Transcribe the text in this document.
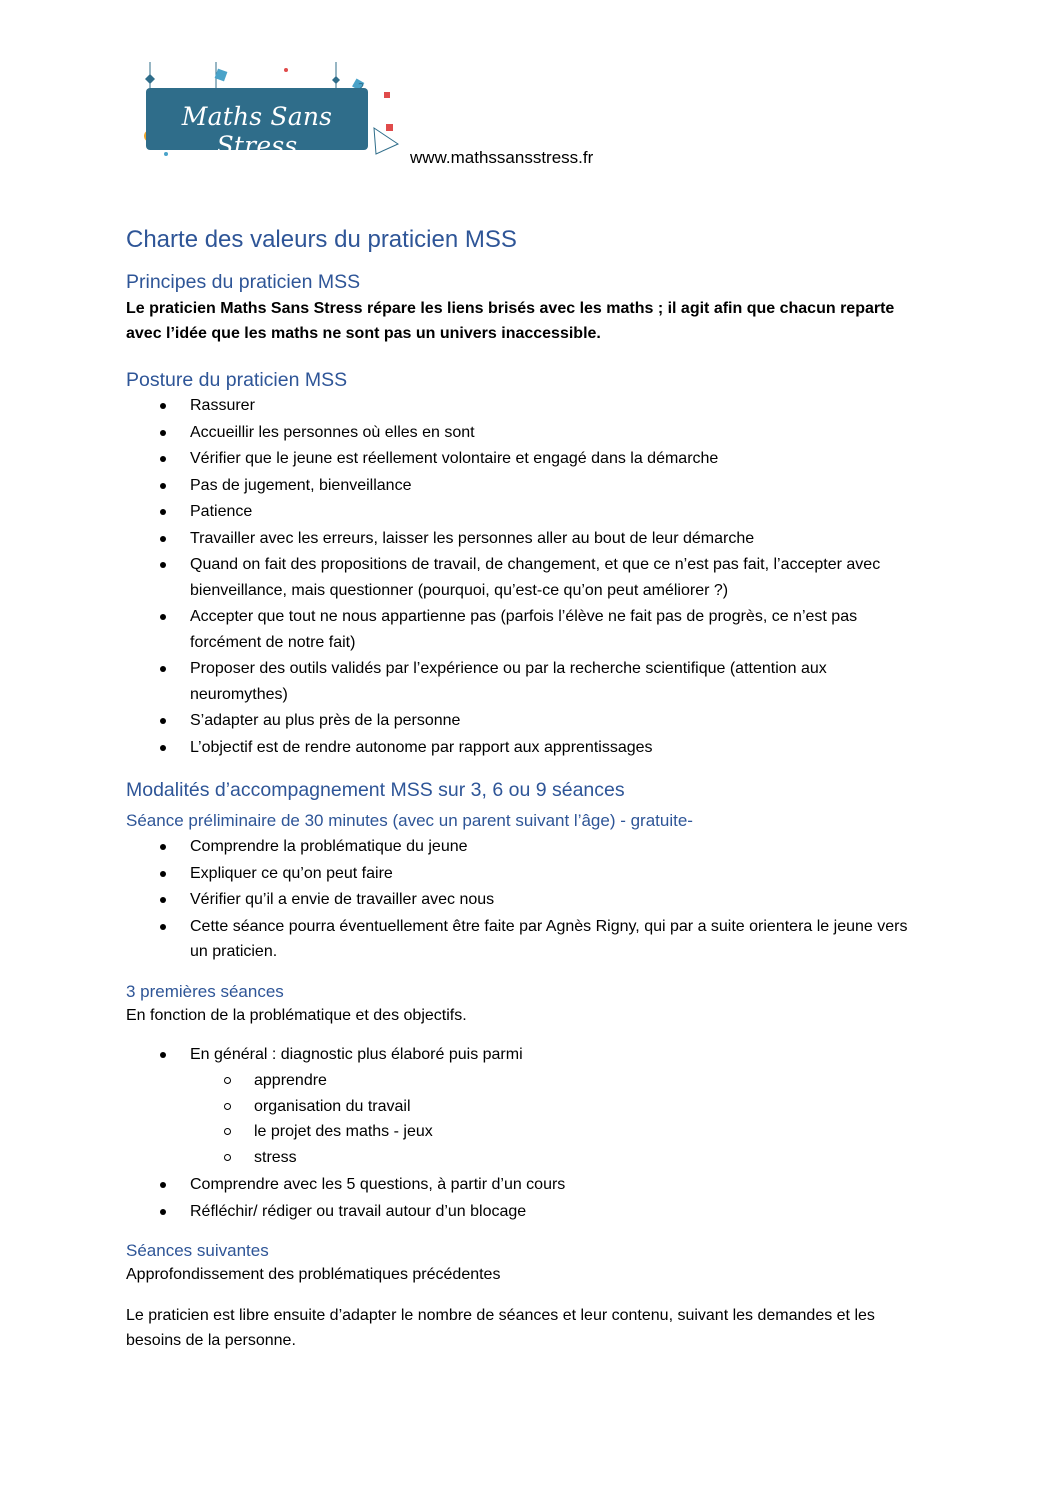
Maths Sans Stress	www.mathssansstress.fr
Charte des valeurs du praticien MSS
Principes du praticien MSS

Le praticien Maths Sans Stress répare les liens brisés avec les maths ; il agit afin que chacun reparte avec l’idée que les maths ne sont pas un univers inaccessible.

Posture du praticien MSS
Rassurer
Accueillir les personnes où elles en sont
Vérifier que le jeune est réellement volontaire et engagé dans la démarche
Pas de jugement, bienveillance
Patience
Travailler avec les erreurs, laisser les personnes aller au bout de leur démarche
Quand on fait des propositions de travail, de changement, et que ce n’est pas fait, l’accepter avec bienveillance, mais questionner (pourquoi, qu’est-ce qu’on peut améliorer ?)
Accepter que tout ne nous appartienne pas (parfois l’élève ne fait pas de progrès, ce n’est pas forcément de notre fait)
Proposer des outils validés par l’expérience ou par la recherche scientifique (attention aux neuromythes)
S’adapter au plus près de la personne
L’objectif est de rendre autonome par rapport aux apprentissages
Modalités d’accompagnement MSS sur 3, 6 ou 9 séances
Séance préliminaire de 30 minutes (avec un parent suivant l’âge) - gratuite-
Comprendre la problématique du jeune
Expliquer ce qu’on peut faire
Vérifier qu’il a envie de travailler avec nous
Cette séance pourra éventuellement être faite par Agnès Rigny, qui par a suite orientera le jeune vers un praticien.
3 premières séances

En fonction de la problématique et des objectifs.

En général : diagnostic plus élaboré puis parmi
apprendre
organisation du travail
le projet des maths - jeux
stress
Comprendre avec les 5 questions, à partir d’un cours
Réfléchir/ rédiger ou travail autour d’un blocage
Séances suivantes

Approfondissement des problématiques précédentes

Le praticien est libre ensuite d’adapter le nombre de séances et leur contenu, suivant les demandes et les besoins de la personne.
